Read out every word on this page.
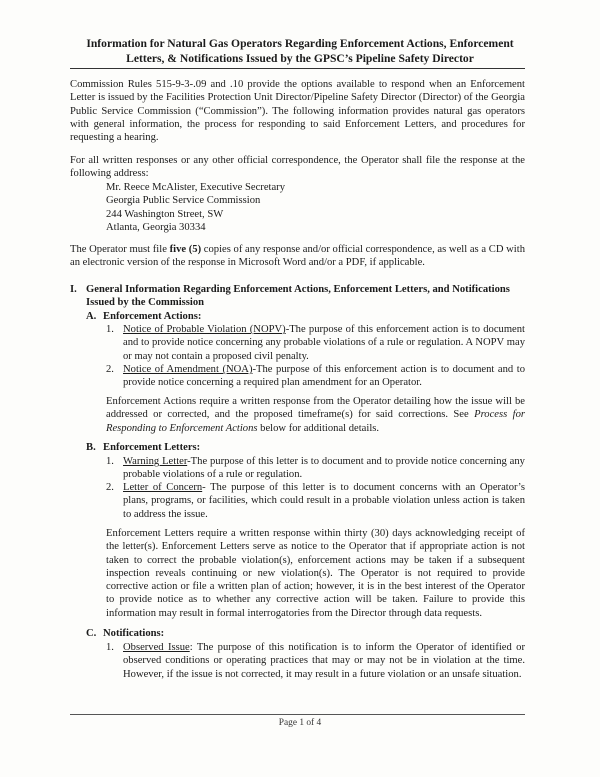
Information for Natural Gas Operators Regarding Enforcement Actions, Enforcement
Letters, & Notifications Issued by the GPSC’s Pipeline Safety Director

Commission Rules 515-9-3-.09 and .10 provide the options available to respond when an Enforcement Letter is issued by the Facilities Protection Unit Director/Pipeline Safety Director (Director) of the Georgia Public Service Commission (“Commission”). The following information provides natural gas operators with general information, the process for responding to said Enforcement Letters, and procedures for requesting a hearing.

For all written responses or any other official correspondence, the Operator shall file the response at the following address:

Mr. Reece McAlister, Executive Secretary
Georgia Public Service Commission
244 Washington Street, SW
Atlanta, Georgia 30334

The Operator must file five (5) copies of any response and/or official correspondence, as well as a CD with an electronic version of the response in Microsoft Word and/or a PDF, if applicable.

I. General Information Regarding Enforcement Actions, Enforcement Letters, and Notifications Issued by the Commission
A. Enforcement Actions:
1. Notice of Probable Violation (NOPV)-The purpose of this enforcement action is to document and to provide notice concerning any probable violations of a rule or regulation. A NOPV may or may not contain a proposed civil penalty.
2. Notice of Amendment (NOA)-The purpose of this enforcement action is to document and to provide notice concerning a required plan amendment for an Operator.

Enforcement Actions require a written response from the Operator detailing how the issue will be addressed or corrected, and the proposed timeframe(s) for said corrections. See Process for Responding to Enforcement Actions below for additional details.

B. Enforcement Letters:
1. Warning Letter-The purpose of this letter is to document and to provide notice concerning any probable violations of a rule or regulation.
2. Letter of Concern- The purpose of this letter is to document concerns with an Operator’s plans, programs, or facilities, which could result in a probable violation unless action is taken to address the issue.

Enforcement Letters require a written response within thirty (30) days acknowledging receipt of the letter(s). Enforcement Letters serve as notice to the Operator that if appropriate action is not taken to correct the probable violation(s), enforcement actions may be taken if a subsequent inspection reveals continuing or new violation(s). The Operator is not required to provide corrective action or file a written plan of action; however, it is in the best interest of the Operator to provide notice as to whether any corrective action will be taken. Failure to provide this information may result in formal interrogatories from the Director through data requests.

C. Notifications:
1. Observed Issue: The purpose of this notification is to inform the Operator of identified or observed conditions or operating practices that may or may not be in violation at the time. However, if the issue is not corrected, it may result in a future violation or an unsafe situation.
Page 1 of 4
